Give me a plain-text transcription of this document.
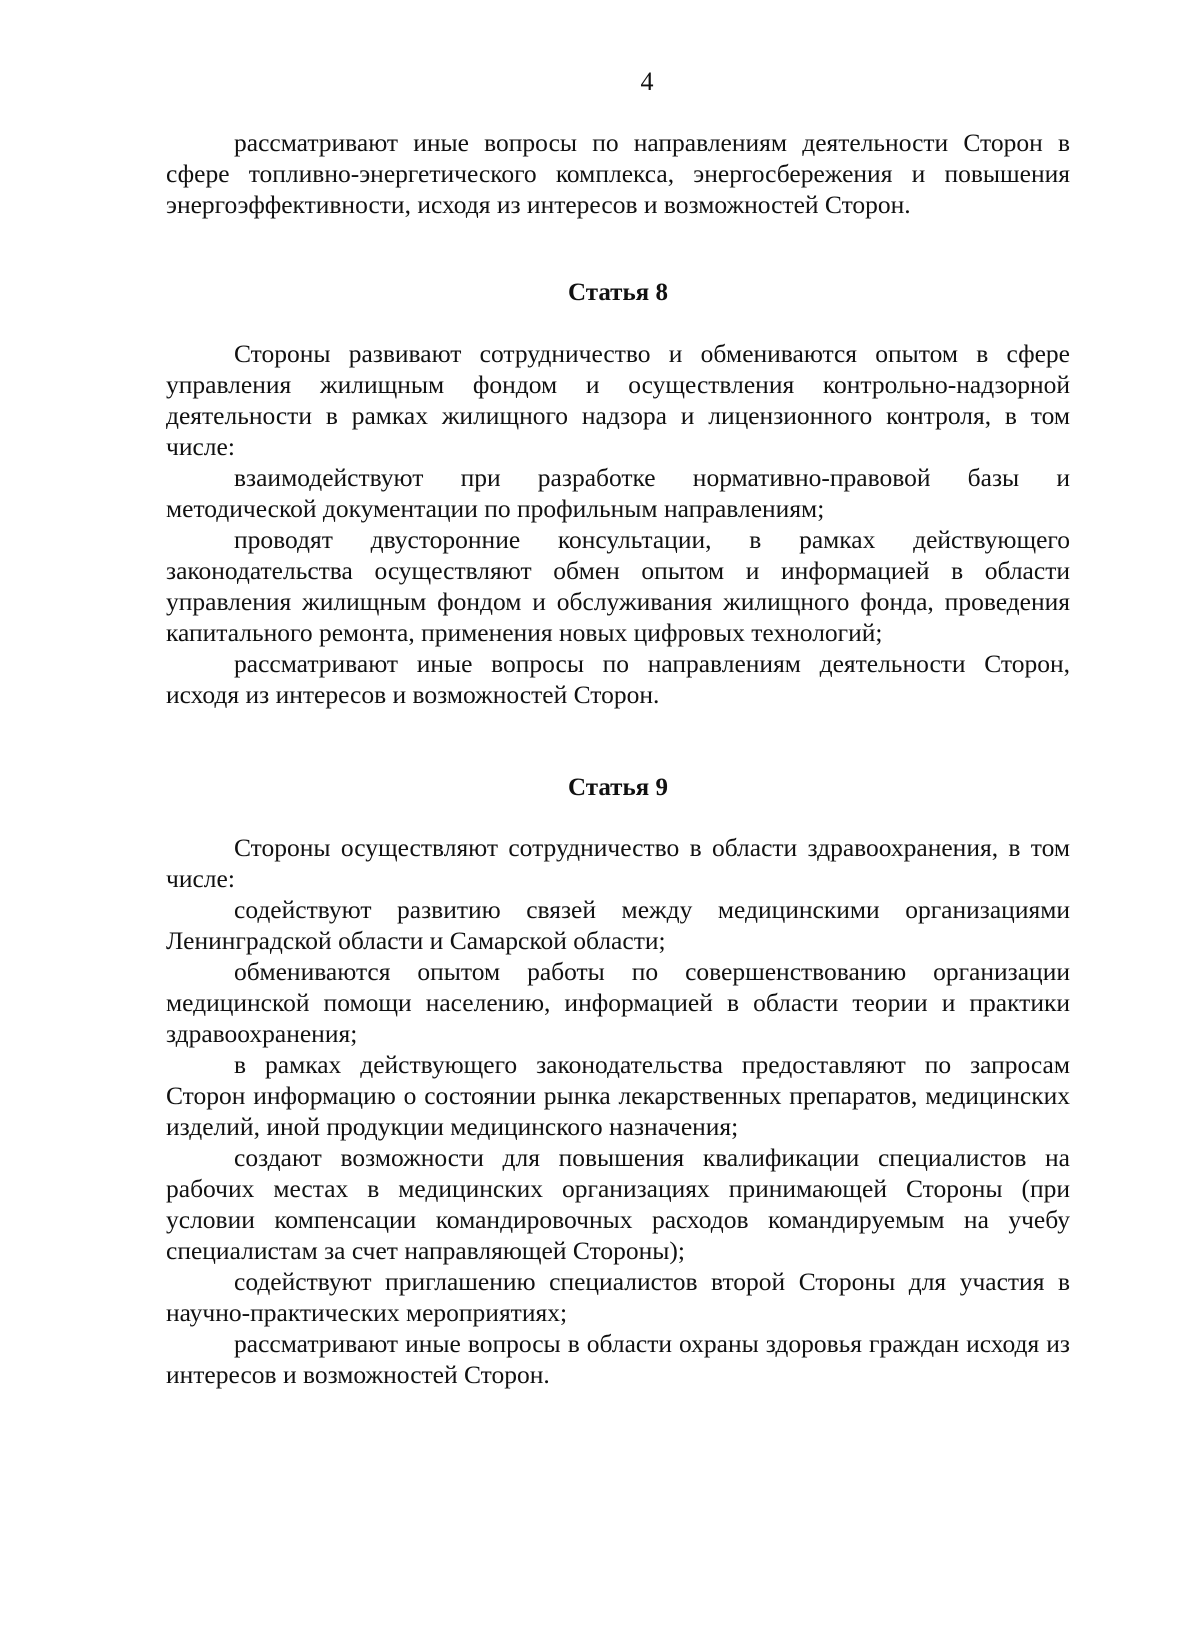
4

рассматривают иные вопросы по направлениям деятельности Сторон в сфере топливно-энергетического комплекса, энергосбережения и повышения энергоэффективности, исходя из интересов и возможностей Сторон.

Статья 8

Стороны развивают сотрудничество и обмениваются опытом в сфере управления жилищным фондом и осуществления контрольно-надзорной деятельности в рамках жилищного надзора и лицензионного контроля, в том числе:

взаимодействуют при разработке нормативно-правовой базы и методической документации по профильным направлениям;

проводят двусторонние консультации, в рамках действующего законодательства осуществляют обмен опытом и информацией в области управления жилищным фондом и обслуживания жилищного фонда, проведения капитального ремонта, применения новых цифровых технологий;

рассматривают иные вопросы по направлениям деятельности Сторон, исходя из интересов и возможностей Сторон.

Статья 9

Стороны осуществляют сотрудничество в области здравоохранения, в том числе:

содействуют развитию связей между медицинскими организациями Ленинградской области и Самарской области;

обмениваются опытом работы по совершенствованию организации медицинской помощи населению, информацией в области теории и практики здравоохранения;

в рамках действующего законодательства предоставляют по запросам Сторон информацию о состоянии рынка лекарственных препаратов, медицинских изделий, иной продукции медицинского назначения;

создают возможности для повышения квалификации специалистов на рабочих местах в медицинских организациях принимающей Стороны (при условии компенсации командировочных расходов командируемым на учебу специалистам за счет направляющей Стороны);

содействуют приглашению специалистов второй Стороны для участия в научно-практических мероприятиях;

рассматривают иные вопросы в области охраны здоровья граждан исходя из интересов и возможностей Сторон.
